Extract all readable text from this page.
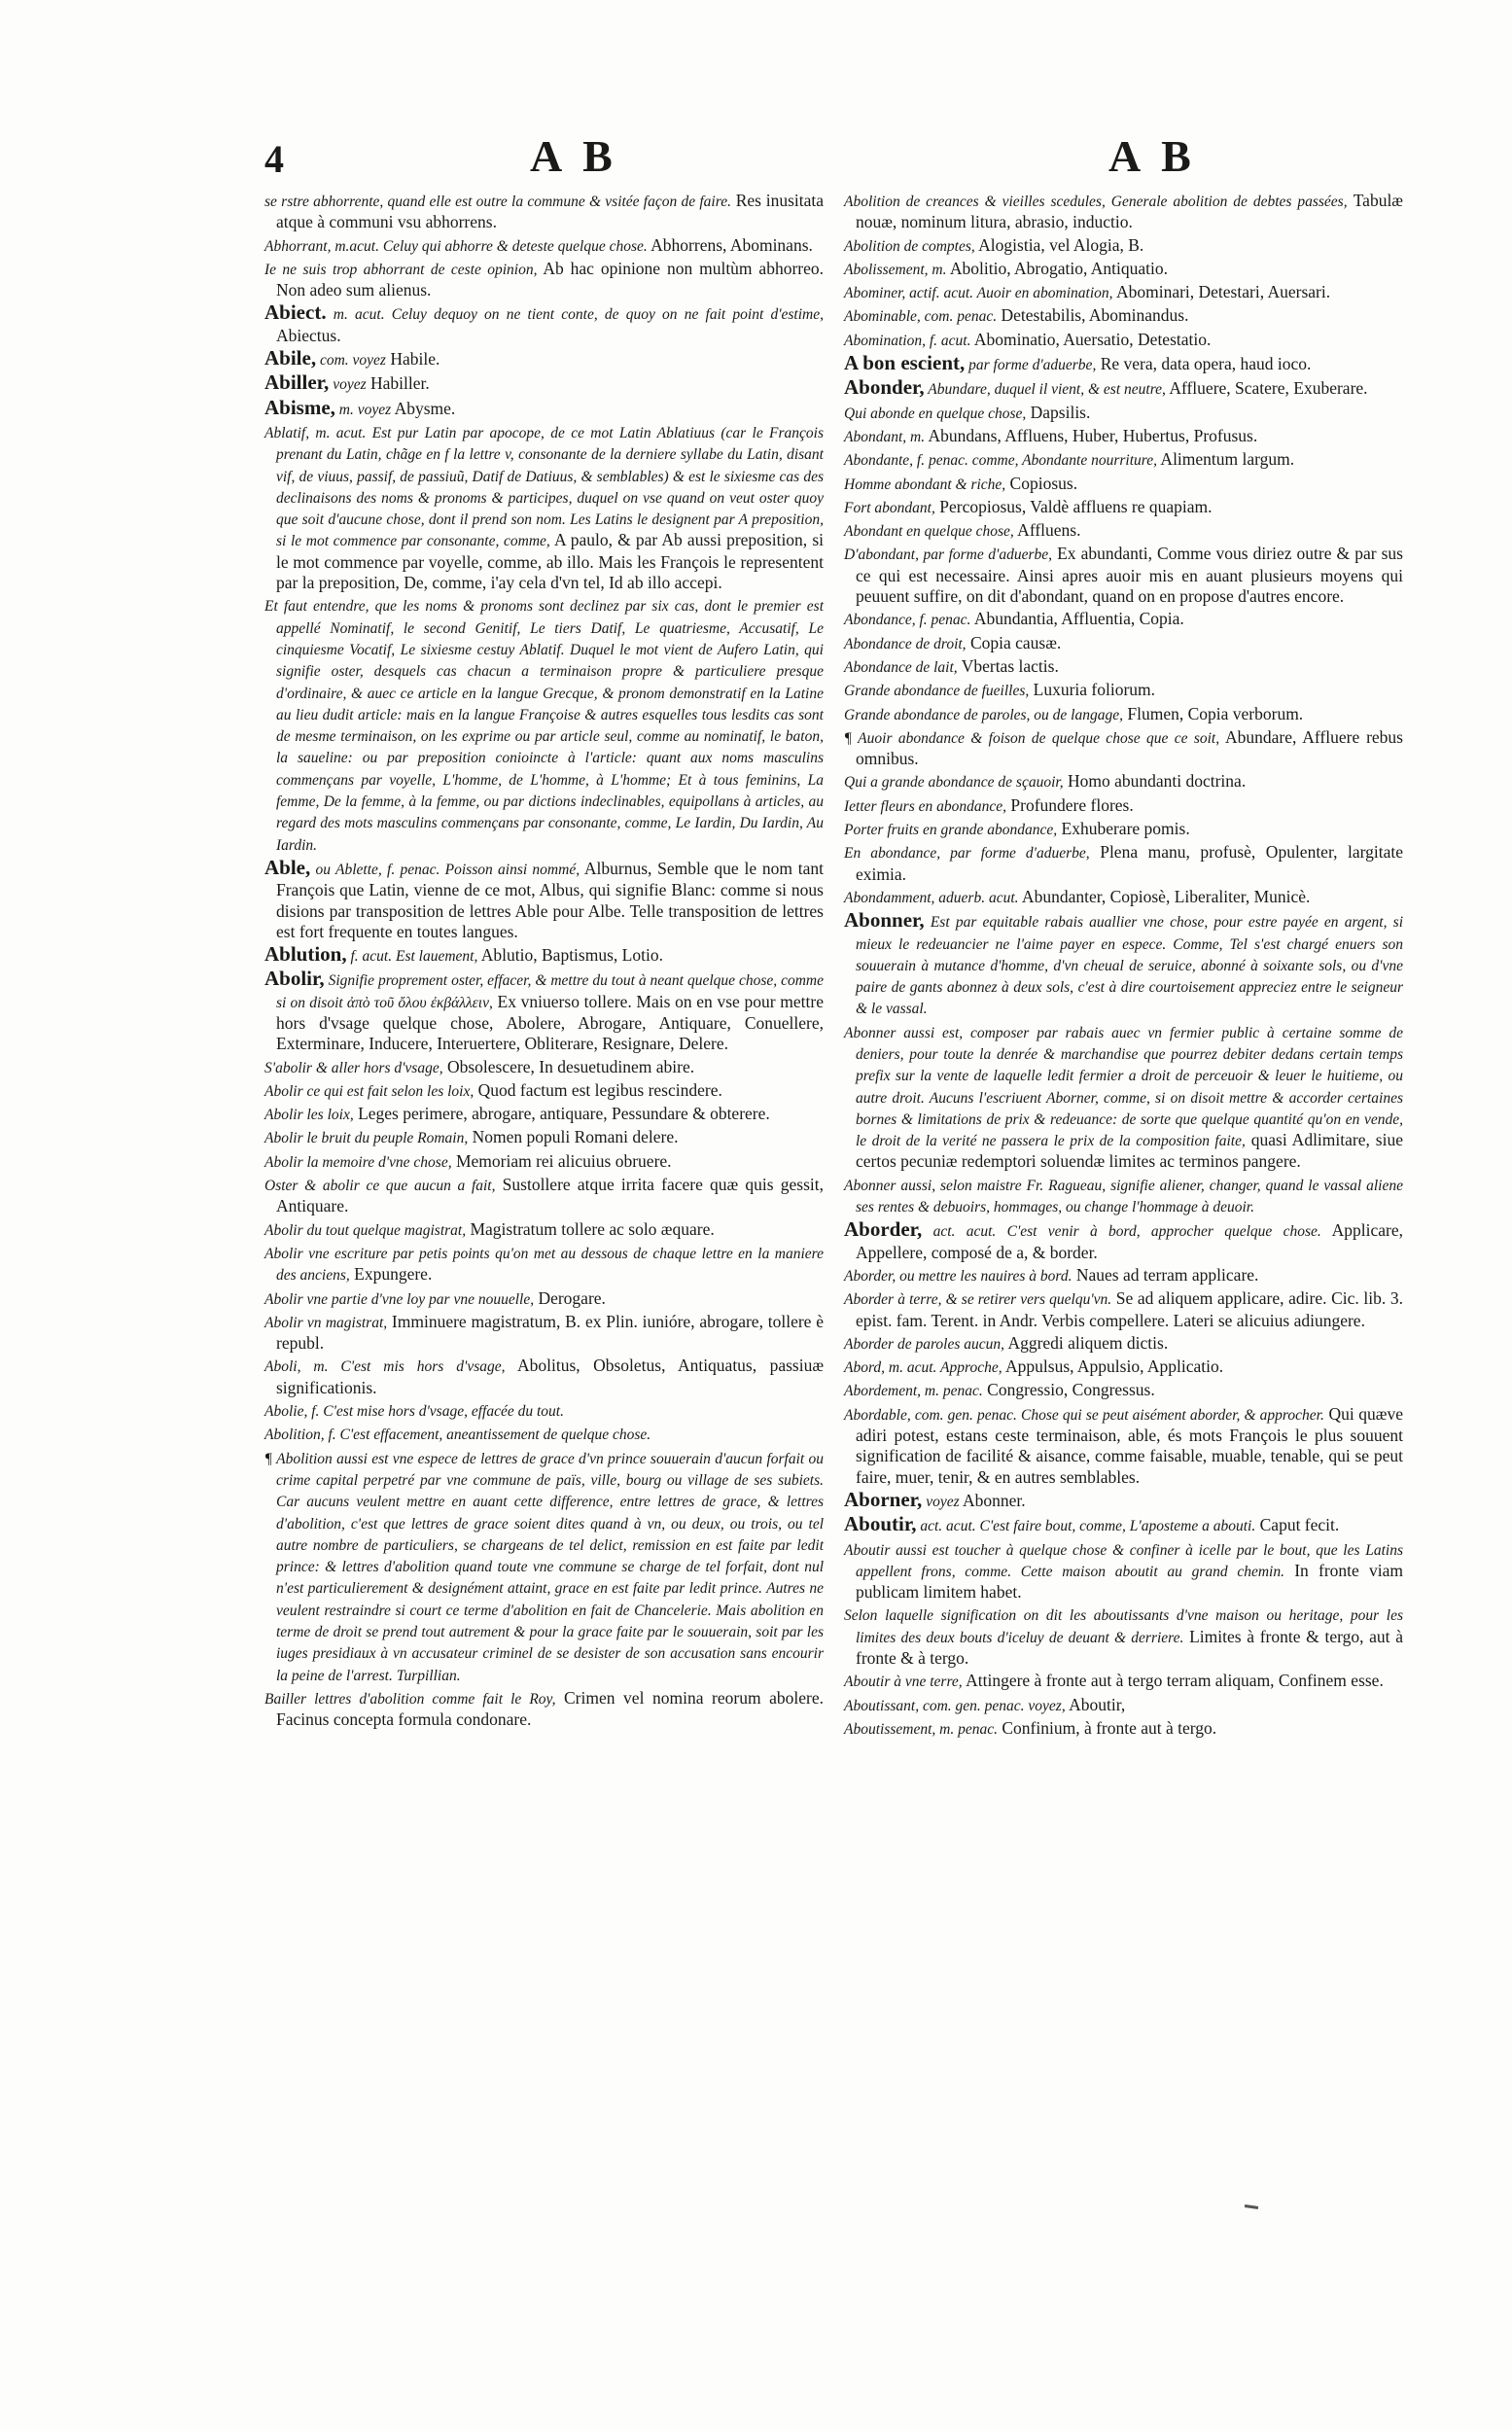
4	A B	A B

se rstre abhorrente, quand elle est outre la commune & vsitée façon de faire. Res inusitata atque à communi vsu abhorrens.

Abhorrant, m.acut. Celuy qui abhorre & deteste quelque chose. Abhorrens, Abominans.

Ie ne suis trop abhorrant de ceste opinion, Ab hac opinione non multùm abhorreo. Non adeo sum alienus.

Abiect. m. acut. Celuy dequoy on ne tient conte, de quoy on ne fait point d'estime, Abiectus.

Abile, com. voyez Habile.

Abiller, voyez Habiller.

Abisme, m. voyez Abysme.

Ablatif, m. acut. Est pur Latin par apocope, de ce mot Latin Ablatiuus (car le François prenant du Latin, chãge en f la lettre v, consonante de la derniere syllabe du Latin, disant vif, de viuus, passif, de passiuũ, Datif de Datiuus, & semblables) & est le sixiesme cas des declinaisons des noms & pronoms & participes, duquel on vse quand on veut oster quoy que soit d'aucune chose, dont il prend son nom. Les Latins le designent par A preposition, si le mot commence par consonante, comme, A paulo, & par Ab aussi preposition, si le mot commence par voyelle, comme, ab illo. Mais les François le representent par la preposition, De, comme, i'ay cela d'vn tel, Id ab illo accepi.

Et faut entendre, que les noms & pronoms sont declinez par six cas, dont le premier est appellé Nominatif, le second Genitif, Le tiers Datif, Le quatriesme, Accusatif, Le cinquiesme Vocatif, Le sixiesme cestuy Ablatif. Duquel le mot vient de Aufero Latin, qui signifie oster, desquels cas chacun a terminaison propre & particuliere presque d'ordinaire, & auec ce article en la langue Grecque, & pronom demonstratif en la Latine au lieu dudit article: mais en la langue Françoise & autres esquelles tous lesdits cas sont de mesme terminaison, on les exprime ou par article seul, comme au nominatif, le baton, la saueline: ou par preposition conioincte à l'article: quant aux noms masculins commençans par voyelle, L'homme, de L'homme, à L'homme; Et à tous feminins, La femme, De la femme, à la femme, ou par dictions indeclinables, equipollans à articles, au regard des mots masculins commençans par consonante, comme, Le Iardin, Du Iardin, Au Iardin.

Able, ou Ablette, f. penac. Poisson ainsi nommé, Alburnus, Semble que le nom tant François que Latin, vienne de ce mot, Albus, qui signifie Blanc: comme si nous disions par transposition de lettres Able pour Albe. Telle transposition de lettres est fort frequente en toutes langues.

Ablution, f. acut. Est lauement, Ablutio, Baptismus, Lotio.

Abolir, Signifie proprement oster, effacer, & mettre du tout à neant quelque chose, comme si on disoit ἀπὸ τοῦ ὄλου ἐκβάλλειν, Ex vniuerso tollere. Mais on en vse pour mettre hors d'vsage quelque chose, Abolere, Abrogare, Antiquare, Conuellere, Exterminare, Inducere, Interuertere, Obliterare, Resignare, Delere.

S'abolir & aller hors d'vsage, Obsolescere, In desuetudinem abire.

Abolir ce qui est fait selon les loix, Quod factum est legibus rescindere.

Abolir les loix, Leges perimere, abrogare, antiquare, Pessundare & obterere.

Abolir le bruit du peuple Romain, Nomen populi Romani delere.

Abolir la memoire d'vne chose, Memoriam rei alicuius obruere.

Oster & abolir ce que aucun a fait, Sustollere atque irrita facere quæ quis gessit, Antiquare.

Abolir du tout quelque magistrat, Magistratum tollere ac solo æquare.

Abolir vne escriture par petis points qu'on met au dessous de chaque lettre en la maniere des anciens, Expungere.

Abolir vne partie d'vne loy par vne nouuelle, Derogare.

Abolir vn magistrat, Imminuere magistratum, B. ex Plin. iunióre, abrogare, tollere è republ.

Aboli, m. C'est mis hors d'vsage, Abolitus, Obsoletus, Antiquatus, passiuæ significationis.

Abolie, f. C'est mise hors d'vsage, effacée du tout.

Abolition, f. C'est effacement, aneantissement de quelque chose.

¶ Abolition aussi est vne espece de lettres de grace d'vn prince souuerain d'aucun forfait ou crime capital perpetré par vne commune de païs, ville, bourg ou village de ses subiets. Car aucuns veulent mettre en auant cette difference, entre lettres de grace, & lettres d'abolition, c'est que lettres de grace soient dites quand à vn, ou deux, ou trois, ou tel autre nombre de particuliers, se chargeans de tel delict, remission en est faite par ledit prince: & lettres d'abolition quand toute vne commune se charge de tel forfait, dont nul n'est particulierement & designément attaint, grace en est faite par ledit prince. Autres ne veulent restraindre si court ce terme d'abolition en fait de Chancelerie. Mais abolition en terme de droit se prend tout autrement & pour la grace faite par le souuerain, soit par les iuges presidiaux à vn accusateur criminel de se desister de son accusation sans encourir la peine de l'arrest. Turpillian.

Bailler lettres d'abolition comme fait le Roy, Crimen vel nomina reorum abolere. Facinus concepta formula condonare.

Abolition de creances & vieilles scedules, Generale abolition de debtes passées, Tabulæ nouæ, nominum litura, abrasio, inductio.

Abolition de comptes, Alogistia, vel Alogia, B.

Abolissement, m. Abolitio, Abrogatio, Antiquatio.

Abominer, actif. acut. Auoir en abomination, Abominari, Detestari, Auersari.

Abominable, com. penac. Detestabilis, Abominandus.

Abomination, f. acut. Abominatio, Auersatio, Detestatio.

A bon escient, par forme d'aduerbe, Re vera, data opera, haud ioco.

Abonder, Abundare, duquel il vient, & est neutre, Affluere, Scatere, Exuberare.

Qui abonde en quelque chose, Dapsilis.

Abondant, m. Abundans, Affluens, Huber, Hubertus, Profusus.

Abondante, f. penac. comme, Abondante nourriture, Alimentum largum.

Homme abondant & riche, Copiosus.

Fort abondant, Percopiosus, Valdè affluens re quapiam.

Abondant en quelque chose, Affluens.

D'abondant, par forme d'aduerbe, Ex abundanti, Comme vous diriez outre & par sus ce qui est necessaire. Ainsi apres auoir mis en auant plusieurs moyens qui peuuent suffire, on dit d'abondant, quand on en propose d'autres encore.

Abondance, f. penac. Abundantia, Affluentia, Copia.

Abondance de droit, Copia causæ.

Abondance de lait, Vbertas lactis.

Grande abondance de fueilles, Luxuria foliorum.

Grande abondance de paroles, ou de langage, Flumen, Copia verborum.

¶ Auoir abondance & foison de quelque chose que ce soit, Abundare, Affluere rebus omnibus.

Qui a grande abondance de sçauoir, Homo abundanti doctrina.

Ietter fleurs en abondance, Profundere flores.

Porter fruits en grande abondance, Exhuberare pomis.

En abondance, par forme d'aduerbe, Plena manu, profusè, Opulenter, largitate eximia.

Abondamment, aduerb. acut. Abundanter, Copiosè, Liberaliter, Municè.

Abonner, Est par equitable rabais auallier vne chose, pour estre payée en argent, si mieux le redeuancier ne l'aime payer en espece. Comme, Tel s'est chargé enuers son souuerain à mutance d'homme, d'vn cheual de seruice, abonné à soixante sols, ou d'vne paire de gants abonnez à deux sols, c'est à dire courtoisement appreciez entre le seigneur & le vassal.

Abonner aussi est, composer par rabais auec vn fermier public à certaine somme de deniers, pour toute la denrée & marchandise que pourrez debiter dedans certain temps prefix sur la vente de laquelle ledit fermier a droit de perceuoir & leuer le huitieme, ou autre droit. Aucuns l'escriuent Aborner, comme, si on disoit mettre & accorder certaines bornes & limitations de prix & redeuance: de sorte que quelque quantité qu'on en vende, le droit de la verité ne passera le prix de la composition faite, quasi Adlimitare, siue certos pecuniæ redemptori soluendæ limites ac terminos pangere.

Abonner aussi, selon maistre Fr. Ragueau, signifie aliener, changer, quand le vassal aliene ses rentes & debuoirs, hommages, ou change l'hommage à deuoir.

Aborder, act. acut. C'est venir à bord, approcher quelque chose. Applicare, Appellere, composé de a, & border.

Aborder, ou mettre les nauires à bord. Naues ad terram applicare.

Aborder à terre, & se retirer vers quelqu'vn. Se ad aliquem applicare, adire. Cic. lib. 3. epist. fam. Terent. in Andr. Verbis compellere. Lateri se alicuius adiungere.

Aborder de paroles aucun, Aggredi aliquem dictis.

Abord, m. acut. Approche, Appulsus, Appulsio, Applicatio.

Abordement, m. penac. Congressio, Congressus.

Abordable, com. gen. penac. Chose qui se peut aisément aborder, & approcher. Qui quæve adiri potest, estans ceste terminaison, able, és mots François le plus souuent signification de facilité & aisance, comme faisable, muable, tenable, qui se peut faire, muer, tenir, & en autres semblables.

Aborner, voyez Abonner.

Aboutir, act. acut. C'est faire bout, comme, L'aposteme a abouti. Caput fecit.

Aboutir aussi est toucher à quelque chose & confiner à icelle par le bout, que les Latins appellent frons, comme. Cette maison aboutit au grand chemin. In fronte viam publicam limitem habet.

Selon laquelle signification on dit les aboutissants d'vne maison ou heritage, pour les limites des deux bouts d'iceluy de deuant & derriere. Limites à fronte & tergo, aut à fronte & à tergo.

Aboutir à vne terre, Attingere à fronte aut à tergo terram aliquam, Confinem esse.

Aboutissant, com. gen. penac. voyez, Aboutir,

Aboutissement, m. penac. Confinium, à fronte aut à tergo.
